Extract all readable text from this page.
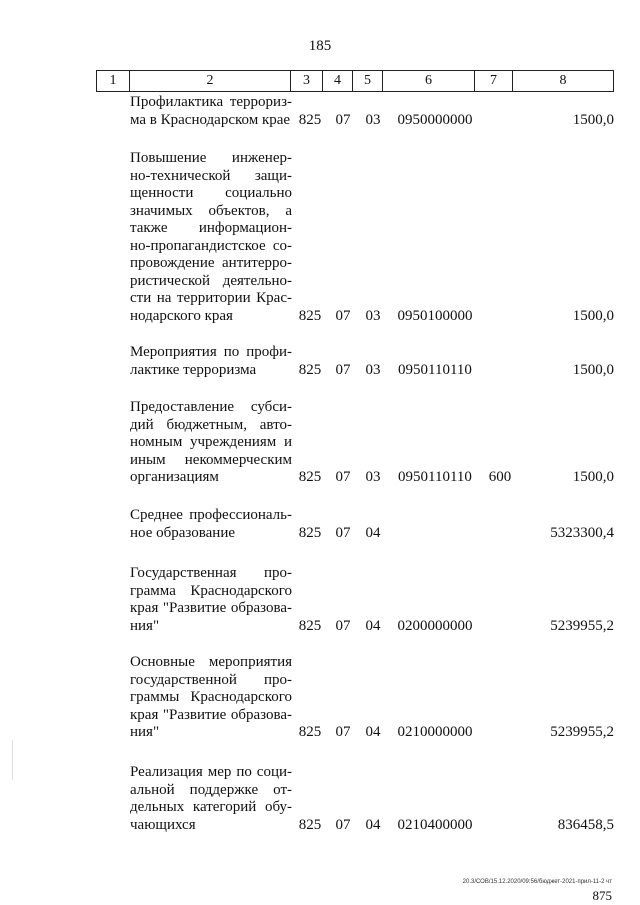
185
1	2	3	4	5	6	7	8
Профилактика террориз-
ма в Краснодарском крае 825 07 03	0950000000	1500,0
Повышение инженер-
но-технической защи-
щенности социально
значимых объектов, а
также информацион-
но-пропагандистское со-
провождение антитерро-
ристической деятельно-
сти на территории Крас-
нодарского края	825 07 03	0950100000	1500,0
Мероприятия по профи-
лактике терроризма	825 07 03	0950110110	1500,0
Предоставление субси-
дий бюджетным, авто-
номным учреждениям и
иным некоммерческим
организациям	825 07 03	0950110110	600	1500,0
Среднее профессиональ-
ное образование	825 07 04	5323300,4
Государственная про-
грамма Краснодарского
края "Развитие образова-
ния"	825 07 04	0200000000	5239955,2
Основные мероприятия
государственной про-
граммы Краснодарского
края "Развитие образова-
ния"	825 07 04	0210000000	5239955,2
Реализация мер по соци-
альной поддержке от-
дельных категорий обу-
чающихся	825 07 04	0210400000	836458,5
20.3/СОВ/15.12.2020/09:56/бюджет-2021-прил-11-2 чт
875
